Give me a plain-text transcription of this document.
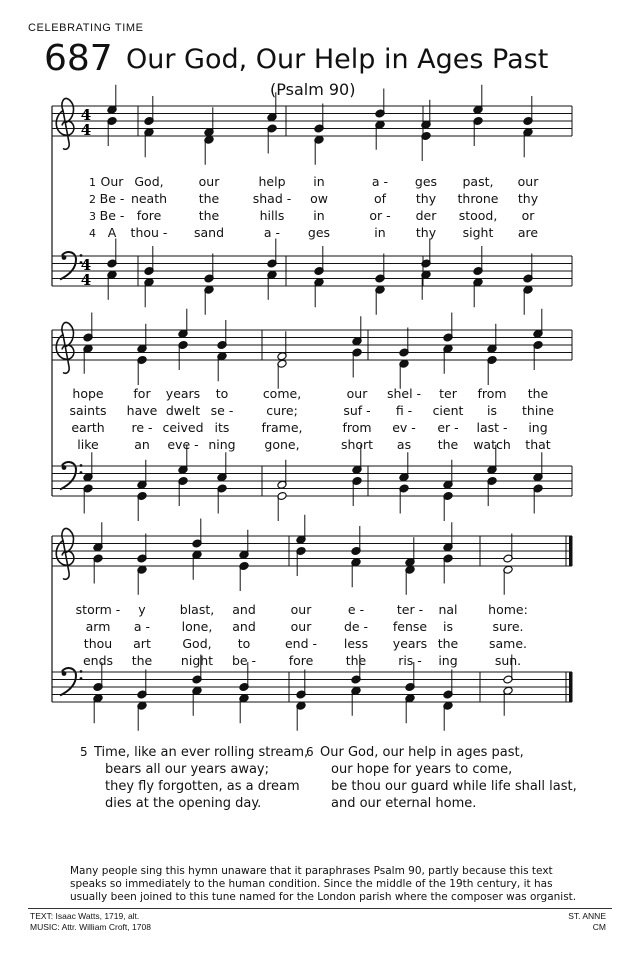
CELEBRATING TIME
687 Our God, Our Help in Ages Past
(Psalm 90)
4
4
4
4
1 Our God,	our	help in	a - ges past, our
2 Be - neath	the	shad - ow	of thy throne thy
3 Be - fore	the	hills in	or - der stood, or
4 A thou - sand	a - ges	in thy sight are
hope for years to	come,	our shel - ter from the
saints have dwelt se -	cure;	suf - fi - cient is thine
earth re - ceived its	frame,	from ev - er - last - ing
like	an eve - ning gone,	short as the watch that
storm - y	blast, and	our	e -	ter - nal home:
arm a -	lone, and	our	de - fense is	sure.
thou art	God, to	end - less years the same.
ends the night be -	fore	the	ris - ing	sun.
5 Time, like an ever rolling stream,
bears all our years away;
they fly forgotten, as a dream
dies at the opening day.
6 Our God, our help in ages past,
our hope for years to come,
be thou our guard while life shall last,
and our eternal home.
Many people sing this hymn unaware that it paraphrases Psalm 90, partly because this text speaks so immediately to the human condition. Since the middle of the 19th century, it has usually been joined to this tune named for the London parish where the composer was organist.
TEXT: Isaac Watts, 1719, alt.
MUSIC: Attr. William Croft, 1708
ST. ANNE
CM
